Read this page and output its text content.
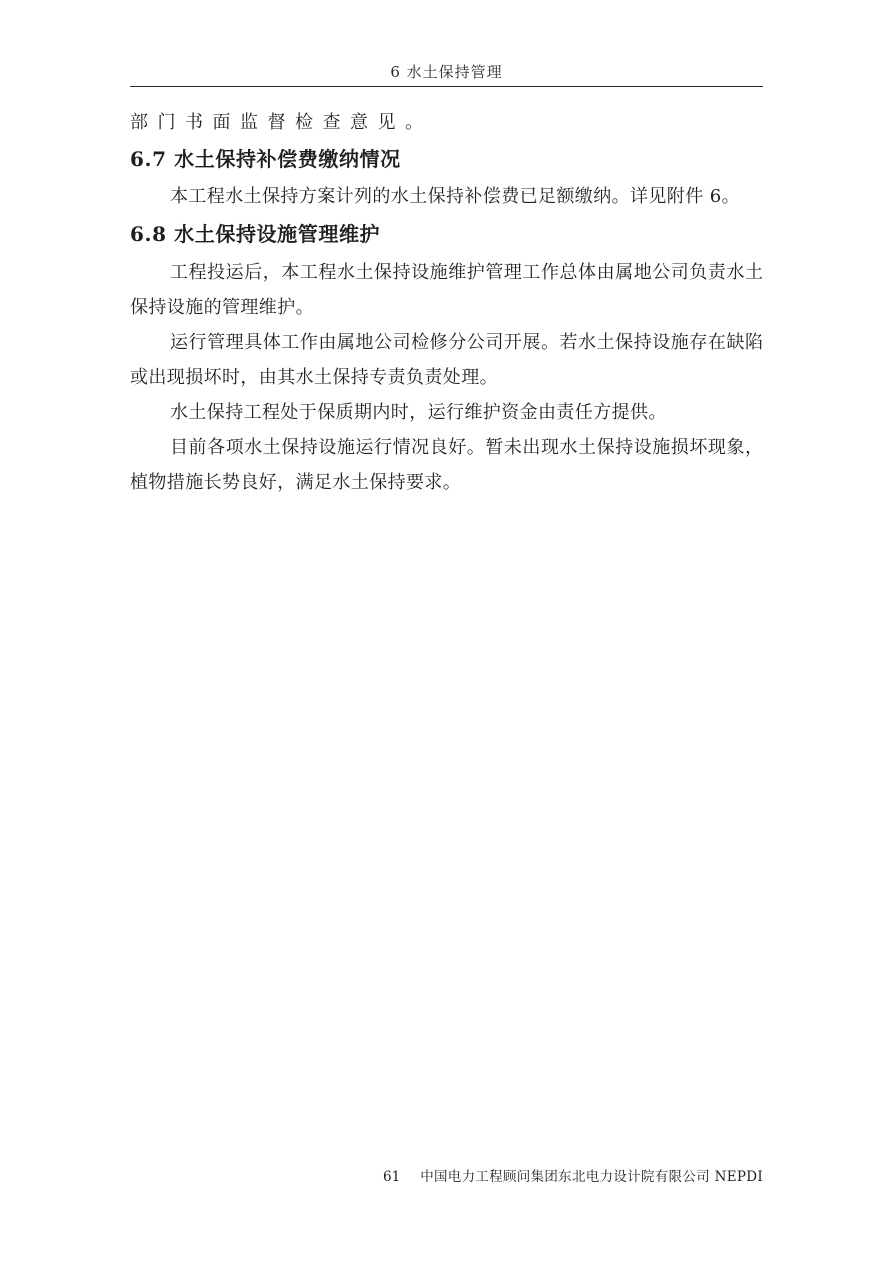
6 水土保持管理
部门书面监督检查意见。
6.7 水土保持补偿费缴纳情况
本工程水土保持方案计列的水土保持补偿费已足额缴纳。详见附件 6。
6.8 水土保持设施管理维护
工程投运后，本工程水土保持设施维护管理工作总体由属地公司负责水土
保持设施的管理维护。
运行管理具体工作由属地公司检修分公司开展。若水土保持设施存在缺陷
或出现损坏时，由其水土保持专责负责处理。
水土保持工程处于保质期内时，运行维护资金由责任方提供。
目前各项水土保持设施运行情况良好。暂未出现水土保持设施损坏现象，
植物措施长势良好，满足水土保持要求。
61 中国电力工程顾问集团东北电力设计院有限公司 NEPDI
